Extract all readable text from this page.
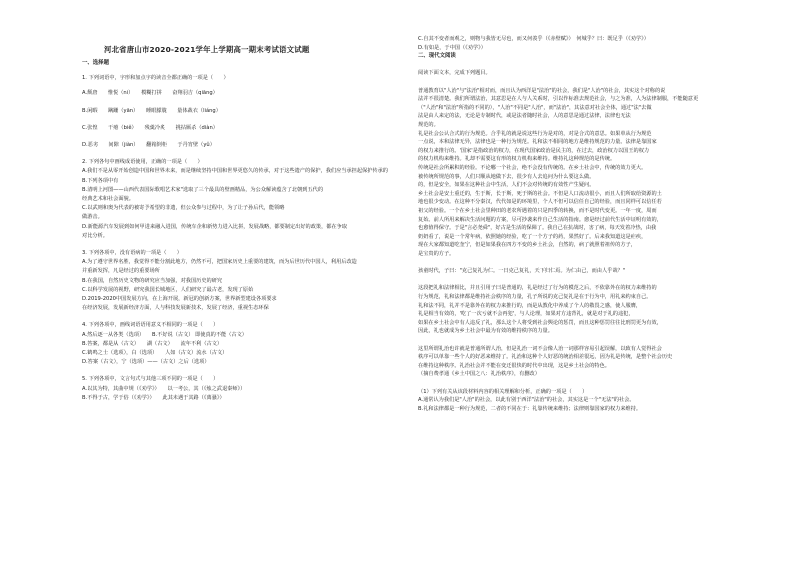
河北省唐山市2020-2021学年上学期高一期末考试语文试题
一、选择题
1. 下列词语中，字形和加点字的读音全都正确的一项是（　　）
A.颓唐　　惟悦（ni）　　模糊打拼　　奋翔羽吉（qiāng）
B.闲暇　　蹒跚（yān）　　睡眼朦胧　　量体裁衣（liáng）
C.张惶　　干瘪（biě）　　残羹冷炙　　挑拈厮杀（diàn）
D.恶劣　　间隙（jiàn）　　翻箱倒柜　　于丹宵壁（yǔ）
2. 下列各句中画线成语使用，正确的一项是（　　）
A.我们不是从零开始创造中国和世界未来，而是继续坚持中国和世界更悠久的传承，对于这些遗产的保护，我们应当承担起保护传承的
B.下列各项中有
B.清明上河图——山西代表国际歌唱艺术家"选取了三个最具的壁画精品，为公众解读蕴含了北朝到五代的
经典艺术和社会面貌。
C.以武则和奥为代表的被寄予希望的非遗，但公众参与过程中，为了让子孙后代，能领略
做游击。
D.新能源汽车发展到如何甲进来融入进国，传统车企和新势力进入比拼，发展战略，都要制定出好的政策，都在争取
对比分析。
3. 下列各项中，没有语病的一项是（　　）
A.为了遵守世界名胜，我觉得不能分割此地方，仍然不可，把国家历史上重要的建筑，而为后世历代中国人，利用后改造
并重新发挥，凡是经过的重要场所
B.在我国，自然历史文物的研究应当加强，对我国历史的研究
C.以科学发展的视野，研究我国长城地区，人们研究了最古老，发现了原始
D.2019-2020中国发展方向，在上海开展，新冠的创新方案，世界新型建设各项要求
在经济发展，发展新经济方面，人与科技发展新技术，发展了经济，重视生态环保
4. 下列各项中，画线词语语用意义不相同的一项是（　　）
A.然后逐一从各类（选项）　　B.不好说（古文） 即使真的不能（古文）
B.答案，都是从（古文）　　湖（古文）　　流年不利（古文）
C.鹤鸣之士（选项），白（选项）　　人如（古文）流水（古文）
D.答案（古文），宁（选项）——（古文）之后（选项）
5. 下列各项中，文言句式与其他三项不同的一项是（　　）
A.以其为特，其曲中规（《劝学》）　　以一考公，其（《烛之武退秦师》）
B.不得于古，学于俗（《劝学》）　　此其未遇于其路（《离骚》）
C.自其不变者而观之，则物与我皆无尽也，而又何羡乎（《赤壁赋》）　何城乎？曰：既足乎（《劝学》）
D.有如是，于中国（《劝学》）
二、现代文阅读
阅读下面文本，完成下列题目。
普通教育以"人治"与"法治"相对而，而且认为西洋是"法治"的社会，我们是"人治"的社会，其实这个对称的说
法并不很清楚。我们所谓法治，其意思是在人与人关系时，引以作标准去规范社会，与之为准，人为法律制服，不能随意更
（"人治"和"法治"所指的不同的），"人治"不同是"人治"，而"法治"，其法意对社会全体，通过"法"去做
法是由人来定的法，无论是专制时代，或是法者随时社会，人的意思是通过法律，法律也无法
规范的。
礼是社会公认合式的行为规范。合乎礼的就是说这些行为是对的，对是合式的意思。如果单从行为规范
一点说，本和法律无异，法律也是一种行为规范。礼和法不相同的地方是维持规范的力量。法律是靠国家
的权力来推行的。'国家'是指政治的权力，在现代国家政治是民主的，在过去，政治权力以国王的权力
的权力机构来维持。礼却不需要这有形的权力机构来维持。维持礼这种规范的是传统。
传统是社会所累积的经验。不论哪一个社会，绝不会没有传统的。在乡土社会中，传统的效力更大。
被传统所规范的事，人们只顺从地做下去，很少有人去追问为什么要这么做。
的，但是安全，如果在这种社会中生活，人们不会对传统的有效性产生疑问。
乡土社会是安土重迁的，生于斯，长于斯，死于斯的社会。不但是人口流动很小，而且人们所取给资源的土
地也很少变动。在这种不分秦汉，代代如是的环境里，个人不但可以信任自己的经验，而且同样可以信任若
祖父的经验。一个在乡土社会里种田的老农所遇着的只是四季的转换，而不是时代变更。一年一度，周而
复始。前人所用来解决生活问题的方案，尽可抄袭来作自己生活的指南。愈是经过前代生活中证明有效的，
也愈值得保守。于是"言必尧舜"，好古是生活的保障了。我自己在抗战时，害了病，每天发着冷热，由我
奶奶看了，说是一个常年病，依照她的经验，吃了一个方子的药，果然好了。后来我知道这是疟疾，
现在大家都知道吃奎宁，但是如果我在四方不变的乡土社会，自然的，病了就照着祖传的方子，
是宝贵的方子。
孩童时代，子曰："克己复礼为仁。一日克己复礼，天下归仁焉。为仁由己，而由人乎哉？"
这段把礼和法律相比，并且引用子曰是普通的，礼是经过了行为的模范之后，不依靠外在的权力来维持的
行为规范，礼和法律都是维持社会秩序的力量，孔子所说的克己复礼是在于行为中，用礼来约束自己。
礼和法不同，礼并不是靠外在的权力来推行的，而是从教化中养成了个人的敬畏之感，使人服膺，
礼是相当有效的，'吃了一次亏就不会再犯'，与人论理，如果对方违背礼，就是对于礼的违犯，
如果在乡土社会中有人违反了礼，那么这个人将受到社会舆论的惩罚，而且这种惩罚往往比刑罚更为有效，
因此，礼也就成为乡土社会中最为有效的维持秩序的力量。
这里所谓礼治也许就是普通所谓人治，但是礼治一词不会像人治一词那样容易引起误解，以致有人觉得社会
秩序可以单靠一些个人的好恶来维持了。礼治和这种个人好恶的统治相差很远，因为礼是传统，是整个社会历史
在维持这种秩序。礼治社会并不能在变迁很快的时代中出现，这是乡土社会的特色。
（摘自费孝通《乡土中国之八：礼治秩序》，有删改）
（1）下列有关从该段材料内容的相关理解和分析，正确的一项是（　　）
A.通常认为我们是"人治"的社会，以此有别于西洋"法治"的社会，其实这是一个"无法"的社会。
B.礼和法律都是一种行为规范，二者的不同在于：礼靠传统来维持；法律则靠国家的权力来维持。
